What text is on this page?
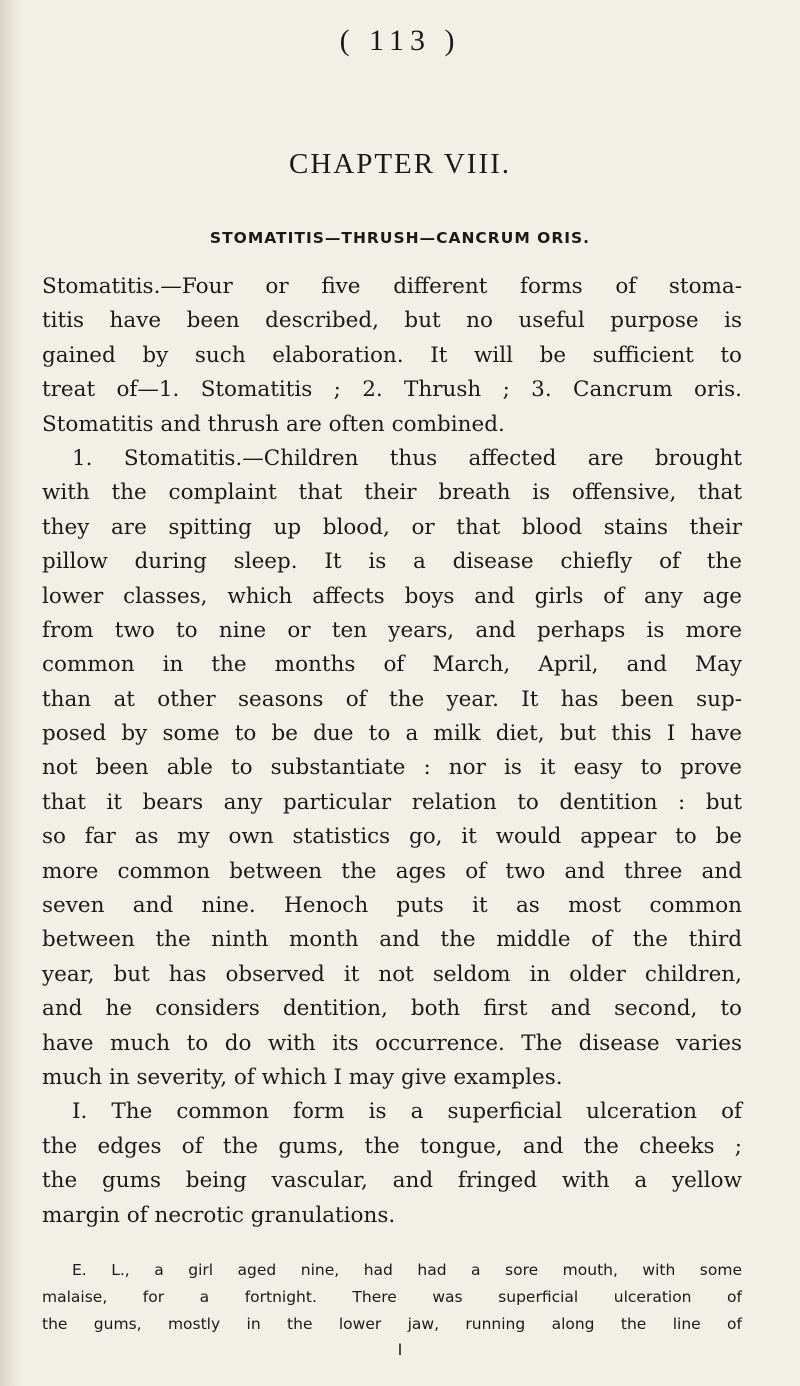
( 113 )
CHAPTER VIII.
STOMATITIS—THRUSH—CANCRUM ORIS.
Stomatitis.—Four or five different forms of stoma-
titis have been described, but no useful purpose is
gained by such elaboration. It will be sufficient to
treat of—1. Stomatitis ; 2. Thrush ; 3. Cancrum oris.
Stomatitis and thrush are often combined.
1. Stomatitis.—Children thus affected are brought
with the complaint that their breath is offensive, that
they are spitting up blood, or that blood stains their
pillow during sleep. It is a disease chiefly of the
lower classes, which affects boys and girls of any age
from two to nine or ten years, and perhaps is more
common in the months of March, April, and May
than at other seasons of the year. It has been sup-
posed by some to be due to a milk diet, but this I have
not been able to substantiate : nor is it easy to prove
that it bears any particular relation to dentition : but
so far as my own statistics go, it would appear to be
more common between the ages of two and three and
seven and nine. Henoch puts it as most common
between the ninth month and the middle of the third
year, but has observed it not seldom in older children,
and he considers dentition, both first and second, to
have much to do with its occurrence. The disease varies
much in severity, of which I may give examples.
I. The common form is a superficial ulceration of
the edges of the gums, the tongue, and the cheeks ;
the gums being vascular, and fringed with a yellow
margin of necrotic granulations.
E. L., a girl aged nine, had had a sore mouth, with some
malaise, for a fortnight. There was superficial ulceration of
the gums, mostly in the lower jaw, running along the line of
I
